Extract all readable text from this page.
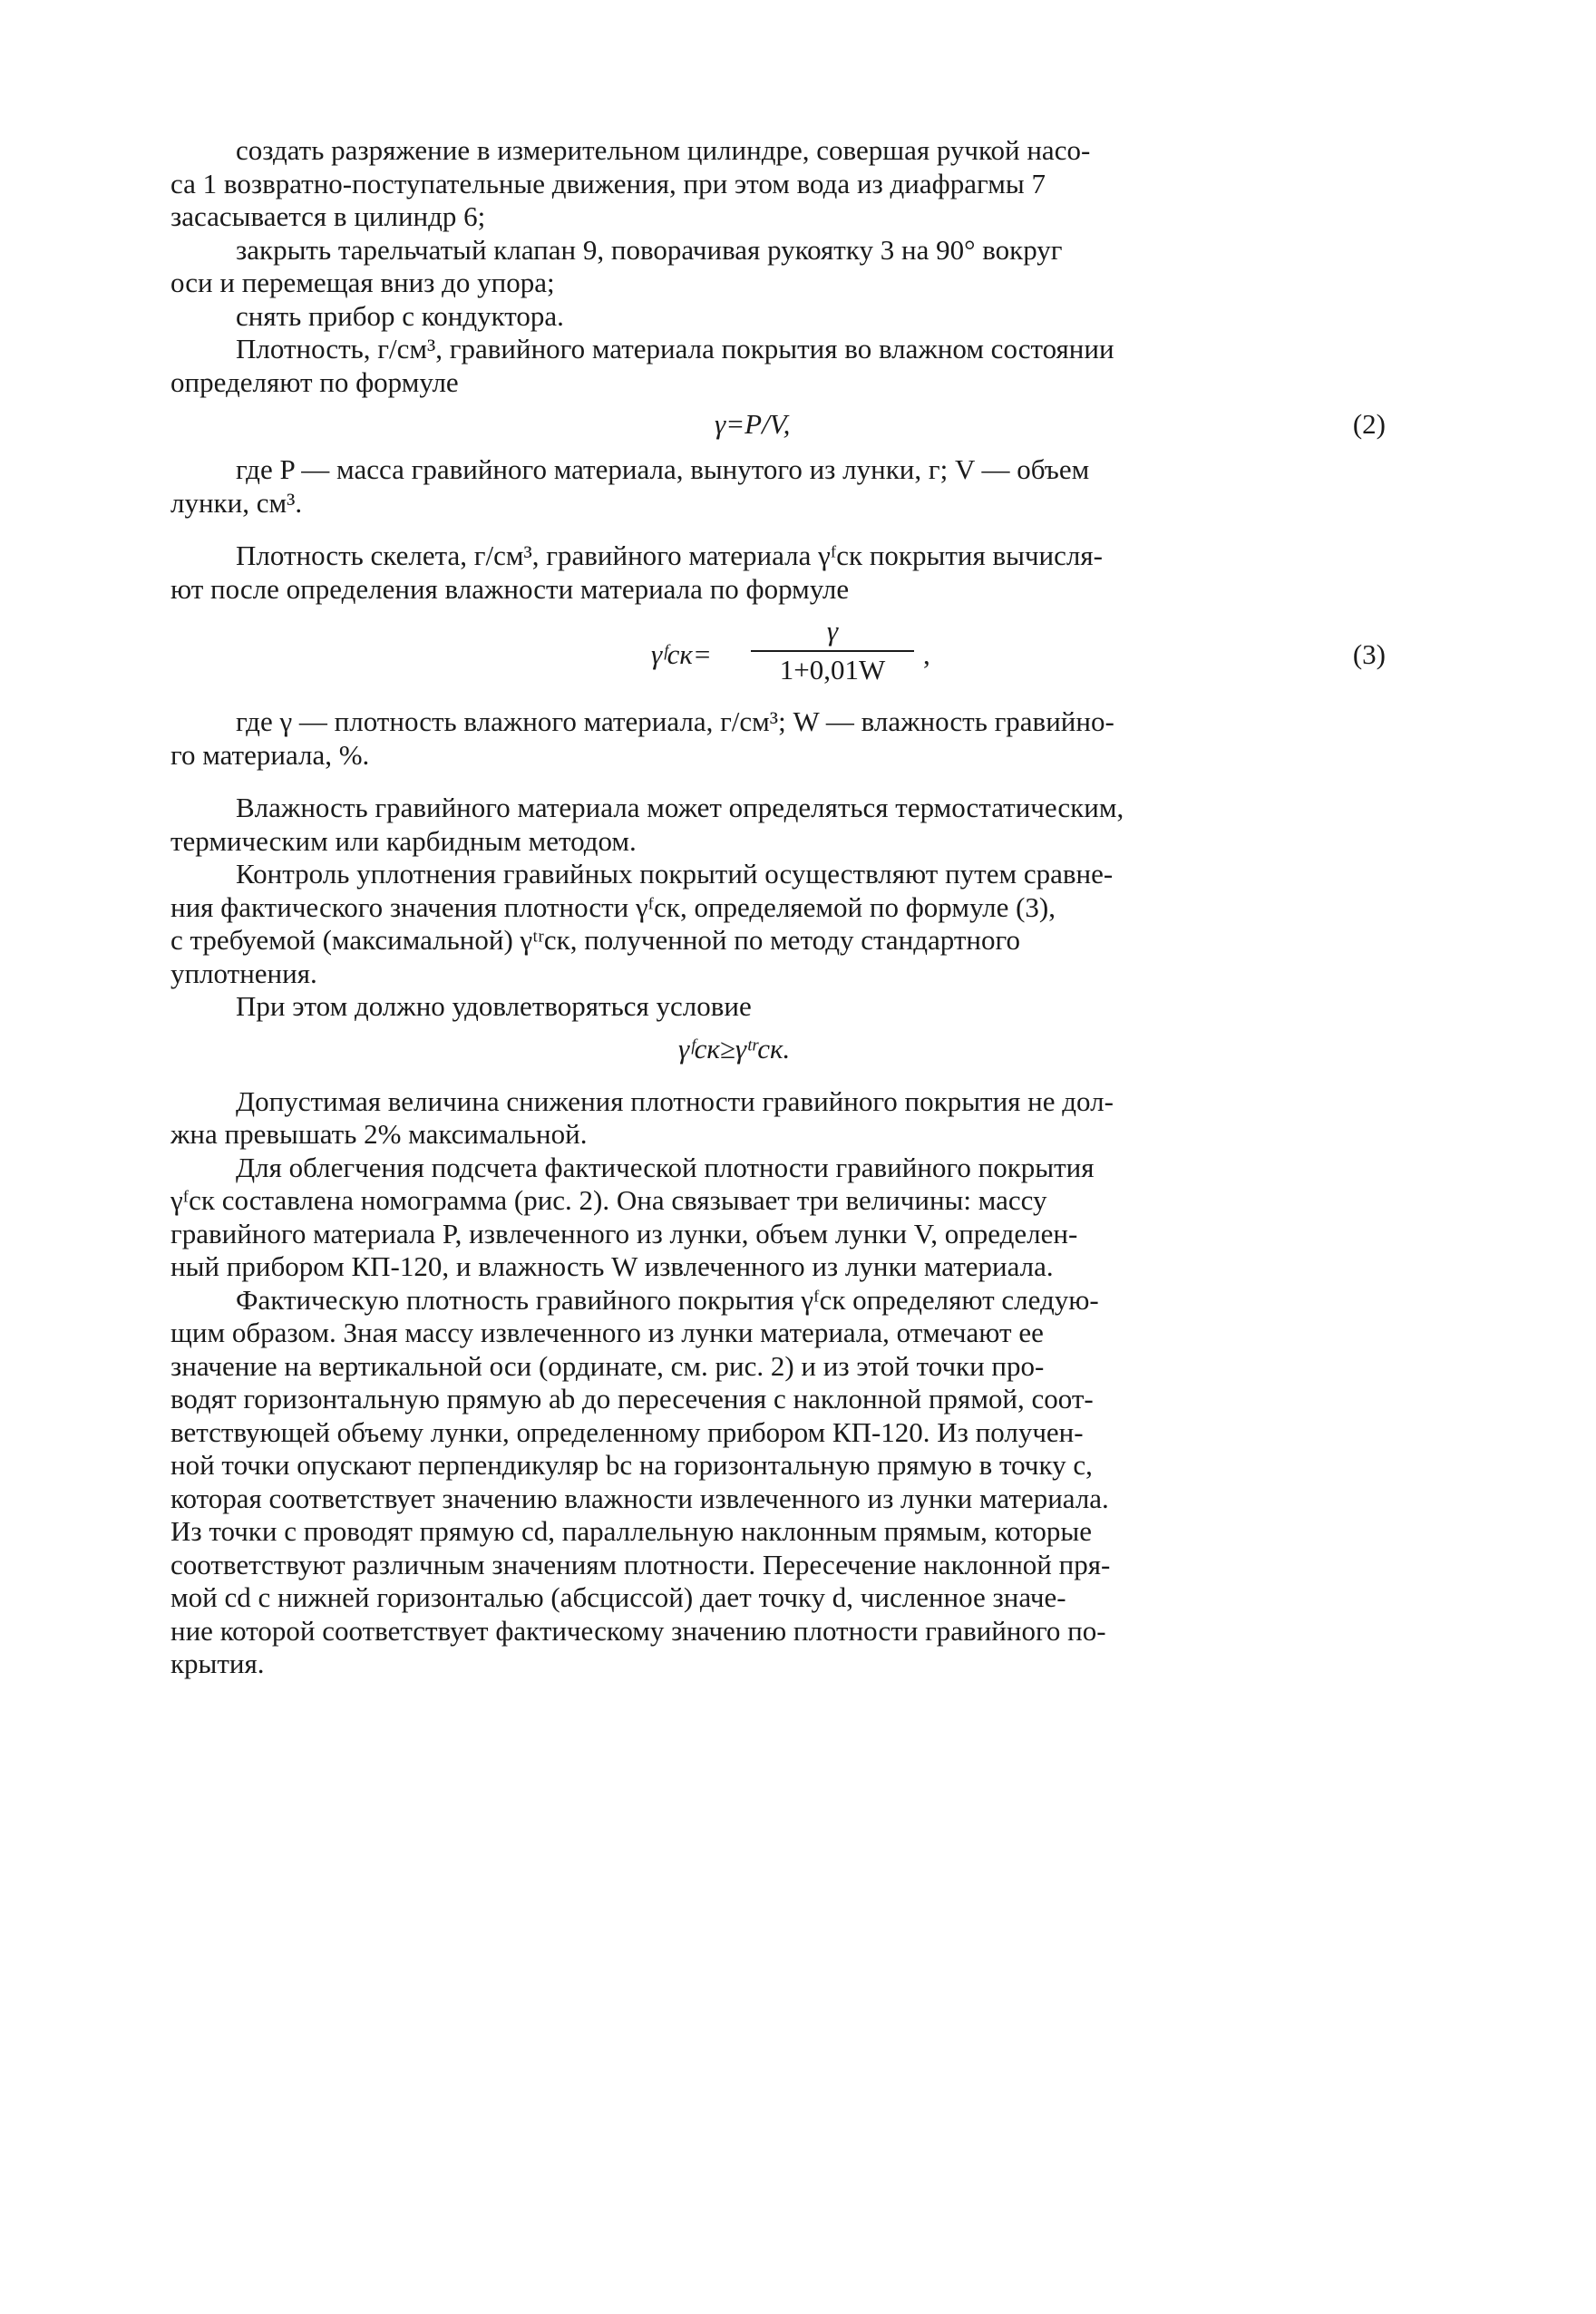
создать разряжение в измерительном цилиндре, совершая ручкой насо-
са 1 возвратно-поступательные движения, при этом вода из диафрагмы 7
засасывается в цилиндр 6;
закрыть тарельчатый клапан 9, поворачивая рукоятку 3 на 90° вокруг
оси и перемещая вниз до упора;
снять прибор с кондуктора.
Плотность, г/см³, гравийного материала покрытия во влажном состоянии
определяют по формуле
γ=P/V,	(2)
где P — масса гравийного материала, вынутого из лунки, г; V — объем
лунки, см³.
Плотность скелета, г/см³, гравийного материала γᶠск покрытия вычисля-
ют после определения влажности материала по формуле
γᶠск= $\frac{\gamma}{1+0,01W}$ ,	(3)
где γ — плотность влажного материала, г/см³; W — влажность гравийно-
го материала, %.
Влажность гравийного материала может определяться термостатическим,
термическим или карбидным методом.
Контроль уплотнения гравийных покрытий осуществляют путем сравне-
ния фактического значения плотности γᶠск, определяемой по формуле (3),
с требуемой (максимальной) γᵗʳск, полученной по методу стандартного
уплотнения.
При этом должно удовлетворяться условие
γᶠск≥γᵗʳск.
Допустимая величина снижения плотности гравийного покрытия не дол-
жна превышать 2% максимальной.
Для облегчения подсчета фактической плотности гравийного покрытия
γᶠск составлена номограмма (рис. 2). Она связывает три величины: массу
гравийного материала P, извлеченного из лунки, объем лунки V, определен-
ный прибором КП-120, и влажность W извлеченного из лунки материала.
Фактическую плотность гравийного покрытия γᶠск определяют следую-
щим образом. Зная массу извлеченного из лунки материала, отмечают ее
значение на вертикальной оси (ординате, см. рис. 2) и из этой точки про-
водят горизонтальную прямую ab до пересечения с наклонной прямой, соот-
ветствующей объему лунки, определенному прибором КП-120. Из получен-
ной точки опускают перпендикуляр bc на горизонтальную прямую в точку c,
которая соответствует значению влажности извлеченного из лунки материала.
Из точки c проводят прямую cd, параллельную наклонным прямым, которые
соответствуют различным значениям плотности. Пересечение наклонной пря-
мой cd с нижней горизонталью (абсциссой) дает точку d, численное значе-
ние которой соответствует фактическому значению плотности гравийного по-
крытия.
